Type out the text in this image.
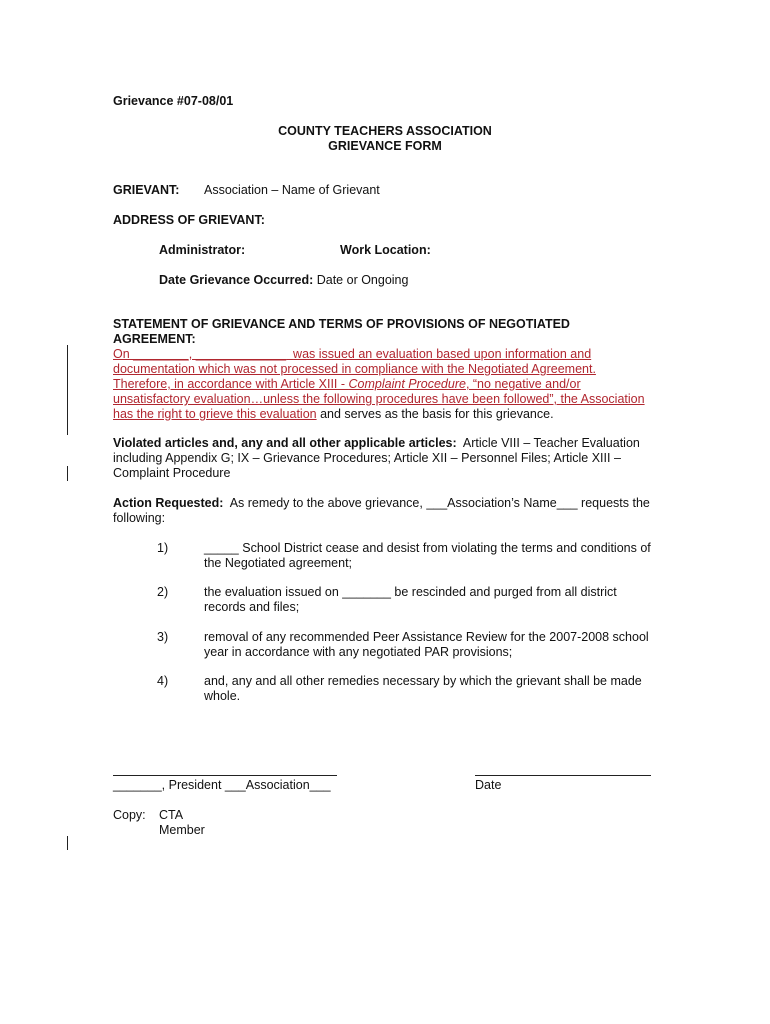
Grievance #07-08/01
COUNTY TEACHERS ASSOCIATION
GRIEVANCE FORM
GRIEVANT: Association – Name of Grievant
ADDRESS OF GRIEVANT:
Administrator:	Work Location:
Date Grievance Occurred: Date or Ongoing
STATEMENT OF GRIEVANCE AND TERMS OF PROVISIONS OF NEGOTIATED
AGREEMENT:
On ________, _____________ was issued an evaluation based upon information and
documentation which was not processed in compliance with the Negotiated Agreement.
Therefore, in accordance with Article XIII - Complaint Procedure, “no negative and/or
unsatisfactory evaluation…unless the following procedures have been followed”, the Association
has the right to grieve this evaluation and serves as the basis for this grievance.
Violated articles and, any and all other applicable articles:  Article VIII – Teacher Evaluation
including Appendix G; IX – Grievance Procedures; Article XII – Personnel Files; Article XIII –
Complaint Procedure
Action Requested:  As remedy to the above grievance, ___Association’s Name___ requests the
following:
1)	_____ School District cease and desist from violating the terms and conditions of
the Negotiated agreement;
2)	the evaluation issued on _______ be rescinded and purged from all district
records and files;
3)	removal of any recommended Peer Assistance Review for the 2007-2008 school
year in accordance with any negotiated PAR provisions;
4)	and, any and all other remedies necessary by which the grievant shall be made
whole.
_______, President ___Association___	Date
Copy: CTA
Member
